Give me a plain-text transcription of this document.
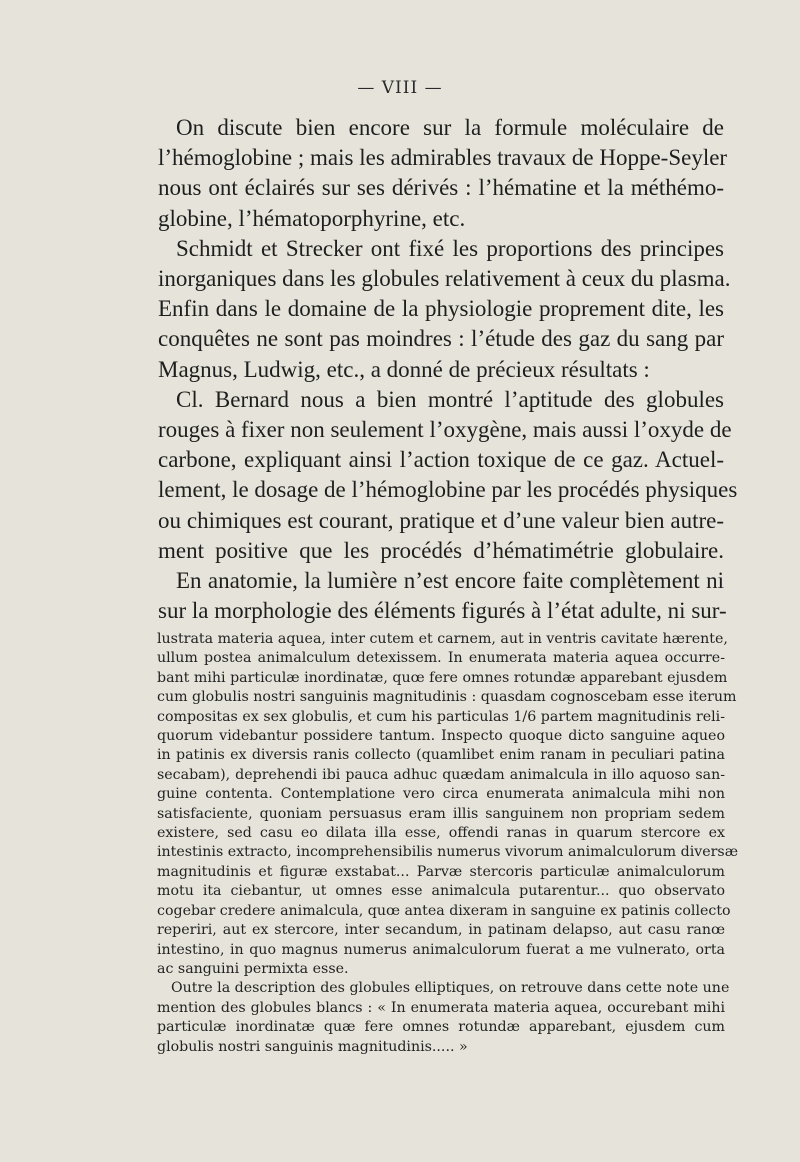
— VIII —
On discute bien encore sur la formule moléculaire de
l’hémoglobine ; mais les admirables travaux de Hoppe-Seyler
nous ont éclairés sur ses dérivés : l’hématine et la méthémo-
globine, l’hématoporphyrine, etc.
Schmidt et Strecker ont fixé les proportions des principes
inorganiques dans les globules relativement à ceux du plasma.
Enfin dans le domaine de la physiologie proprement dite, les
conquêtes ne sont pas moindres : l’étude des gaz du sang par
Magnus, Ludwig, etc., a donné de précieux résultats :
Cl. Bernard nous a bien montré l’aptitude des globules
rouges à fixer non seulement l’oxygène, mais aussi l’oxyde de
carbone, expliquant ainsi l’action toxique de ce gaz. Actuel-
lement, le dosage de l’hémoglobine par les procédés physiques
ou chimiques est courant, pratique et d’une valeur bien autre-
ment positive que les procédés d’hématimétrie globulaire.
En anatomie, la lumière n’est encore faite complètement ni
sur la morphologie des éléments figurés à l’état adulte, ni sur-
lustrata materia aquea, inter cutem et carnem, aut in ventris cavitate hærente,
ullum postea animalculum detexissem. In enumerata materia aquea occurre-
bant mihi particulæ inordinatæ, quœ fere omnes rotundæ apparebant ejusdem
cum globulis nostri sanguinis magnitudinis : quasdam cognoscebam esse iterum
compositas ex sex globulis, et cum his particulas 1/6 partem magnitudinis reli-
quorum videbantur possidere tantum. Inspecto quoque dicto sanguine aqueo
in patinis ex diversis ranis collecto (quamlibet enim ranam in peculiari patina
secabam), deprehendi ibi pauca adhuc quædam animalcula in illo aquoso san-
guine contenta. Contemplatione vero circa enumerata animalcula mihi non
satisfaciente, quoniam persuasus eram illis sanguinem non propriam sedem
existere, sed casu eo dilata illa esse, offendi ranas in quarum stercore ex
intestinis extracto, incomprehensibilis numerus vivorum animalculorum diversæ
magnitudinis et figuræ exstabat... Parvæ stercoris particulæ animalculorum
motu ita ciebantur, ut omnes esse animalcula putarentur... quo observato
cogebar credere animalcula, quœ antea dixeram in sanguine ex patinis collecto
reperiri, aut ex stercore, inter secandum, in patinam delapso, aut casu ranœ
intestino, in quo magnus numerus animalculorum fuerat a me vulnerato, orta
ac sanguini permixta esse.
Outre la description des globules elliptiques, on retrouve dans cette note une
mention des globules blancs : « In enumerata materia aquea, occurebant mihi
particulæ inordinatæ quæ fere omnes rotundæ apparebant, ejusdem cum
globulis nostri sanguinis magnitudinis..... »
